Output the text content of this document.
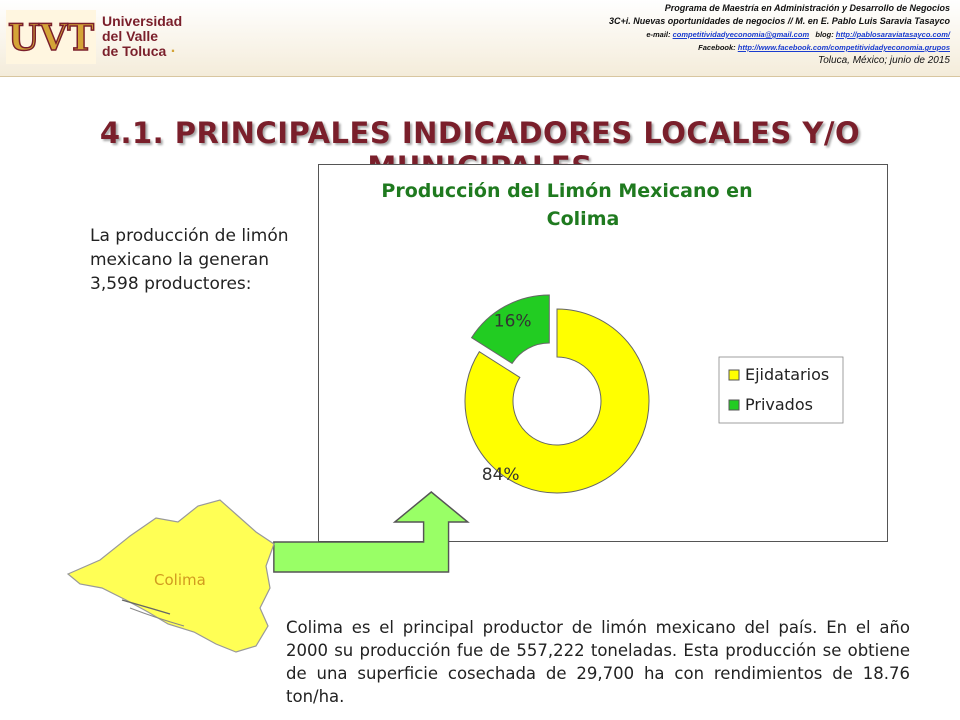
UVT Universidad
del Valle
de Toluca ·
Programa de Maestría en Administración y Desarrollo de Negocios
3C+i. Nuevas oportunidades de negocios // M. en E. Pablo Luis Saravia Tasayco
e-mail: competitividadyeconomia@gmail.com blog: http://pablosaraviatasayco.com/
Facebook: http://www.facebook.com/competitividadyeconomia.grupos
Toluca, México; junio de 2015
4.1. PRINCIPALES INDICADORES LOCALES Y/O
La producción de limón mexicano la generan 3,598 productores:
Producción del Limón Mexicano en
Colima
84%
16%
Ejidatarios
Privados
Colima
Colima es el principal productor de limón mexicano del país. En el año 2000 su producción fue de 557,222 toneladas. Esta producción se obtiene de una superficie cosechada de 29,700 ha con rendimientos de 18.76 ton/ha.
